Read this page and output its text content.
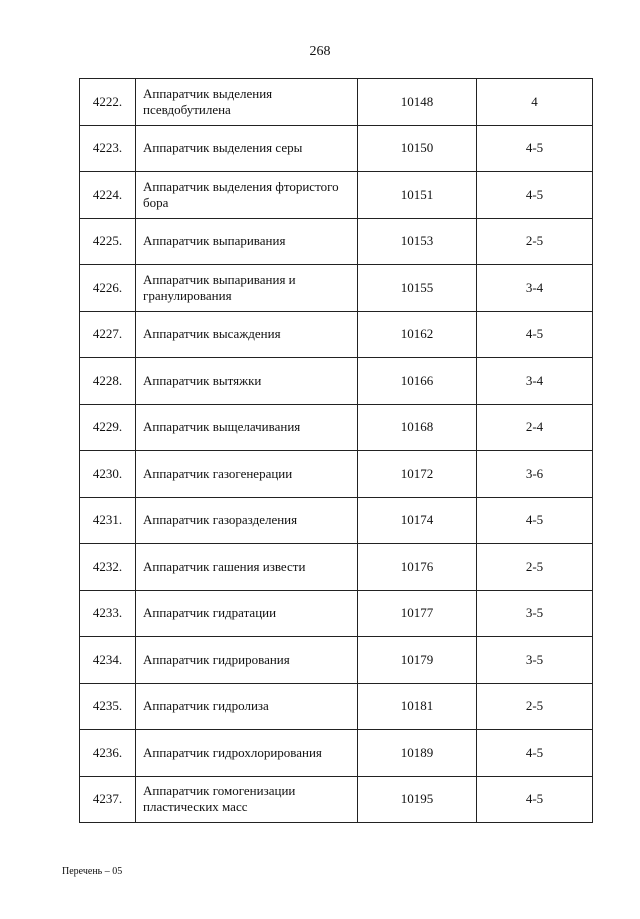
268
4222.	Аппаратчик выделения псевдобутилена	10148	4
4223.	Аппаратчик выделения серы	10150	4-5
4224.	Аппаратчик выделения фтористого бора	10151	4-5
4225.	Аппаратчик выпаривания	10153	2-5
4226.	Аппаратчик выпаривания и гранулирования	10155	3-4
4227.	Аппаратчик высаждения	10162	4-5
4228.	Аппаратчик вытяжки	10166	3-4
4229.	Аппаратчик выщелачивания	10168	2-4
4230.	Аппаратчик газогенерации	10172	3-6
4231.	Аппаратчик газоразделения	10174	4-5
4232.	Аппаратчик гашения извести	10176	2-5
4233.	Аппаратчик гидратации	10177	3-5
4234.	Аппаратчик гидрирования	10179	3-5
4235.	Аппаратчик гидролиза	10181	2-5
4236.	Аппаратчик гидрохлорирования	10189	4-5
4237.	Аппаратчик гомогенизации пластических масс	10195	4-5
Перечень – 05
